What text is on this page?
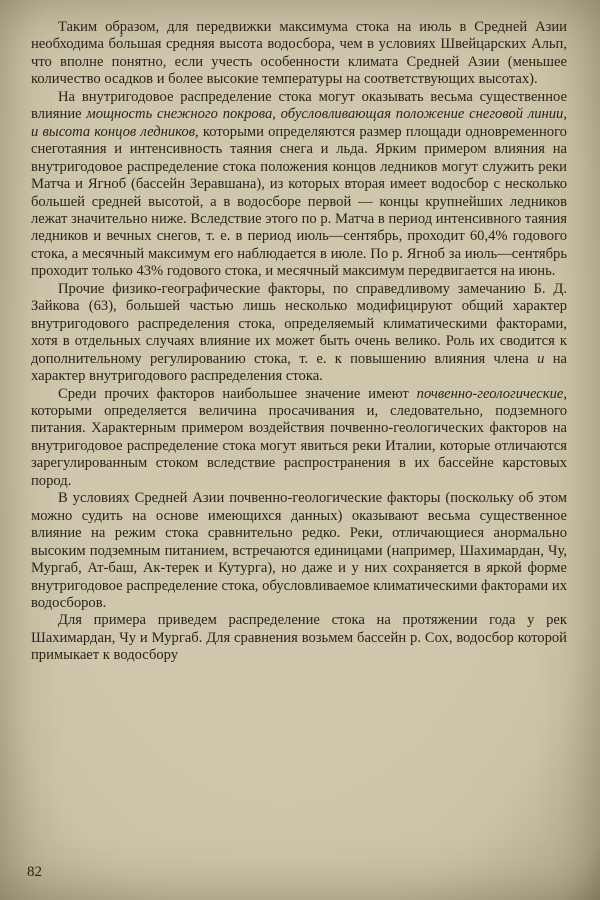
Таким образом, для передвижки максимума стока на июль в Средней Азии необходима бо́льшая средняя высота водосбора, чем в условиях Швейцарских Альп, что вполне понятно, если учесть особенности климата Средней Азии (меньшее количество осадков и более высокие температуры на соответствующих высотах).

На внутригодовое распределение стока могут оказывать весьма существенное влияние мощность снежного покрова, обусловливающая положение снеговой линии, и высота концов ледников, которыми определяются размер площади одновременного снеготаяния и интенсивность таяния снега и льда. Ярким примером влияния на внутригодовое распределение стока положения концов ледников могут служить реки Матча и Ягноб (бассейн Зеравшана), из которых вторая имеет водосбор с несколько большей средней высотой, а в водосборе первой — концы крупнейших ледников лежат значительно ниже. Вследствие этого по р. Матча в период интенсивного таяния ледников и вечных снегов, т. е. в период июль—сентябрь, проходит 60,4% годового стока, а месячный максимум его наблюдается в июле. По р. Ягноб за июль—сентябрь проходит только 43% годового стока, и месячный максимум передвигается на июнь.

Прочие физико-географические факторы, по справедливому замечанию Б. Д. Зайкова (63), большей частью лишь несколько модифицируют общий характер внутригодового распределения стока, определяемый климатическими факторами, хотя в отдельных случаях влияние их может быть очень велико. Роль их сводится к дополнительному регулированию стока, т. е. к повышению влияния члена и на характер внутригодового распределения стока.

Среди прочих факторов наибольшее значение имеют почвенно-геологические, которыми определяется величина просачивания и, следовательно, подземного питания. Характерным примером воздействия почвенно-геологических факторов на внутригодовое распределение стока могут явиться реки Италии, которые отличаются зарегулированным стоком вследствие распространения в их бассейне карстовых пород.

В условиях Средней Азии почвенно-геологические факторы (поскольку об этом можно судить на основе имеющихся данных) оказывают весьма существенное влияние на режим стока сравнительно редко. Реки, отличающиеся анормально высоким подземным питанием, встречаются единицами (например, Шахимардан, Чу, Мургаб, Ат-баш, Ак-терек и Кутурга), но даже и у них сохраняется в яркой форме внутригодовое распределение стока, обусловливаемое климатическими факторами их водосборов.

Для примера приведем распределение стока на протяжении года у рек Шахимардан, Чу и Мургаб. Для сравнения возьмем бассейн р. Сох, водосбор которой примыкает к водосбору

82
